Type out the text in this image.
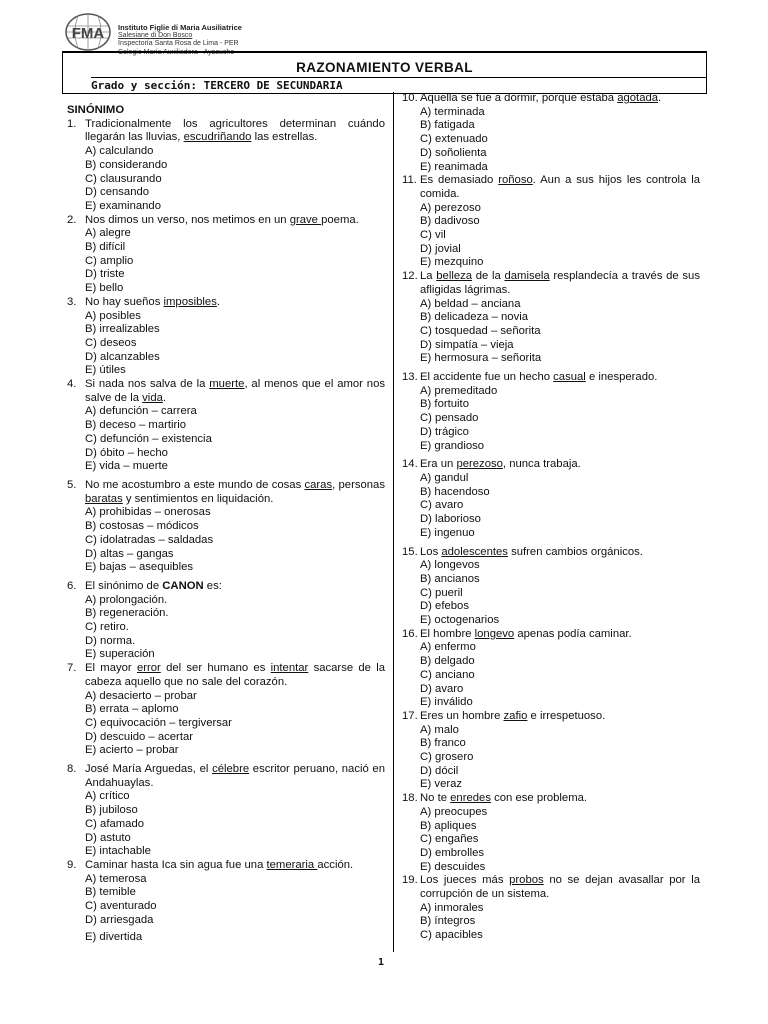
FMA Instituto Figlie di Maria Ausiliatrice
Salesiane di Don Bosco
Inspectoría Santa Rosa de Lima - PER
Colegio María Auxiliadora - Ayacucho
RAZONAMIENTO VERBAL
Grado y sección: TERCERO DE SECUNDARIA
SINÓNIMO
1. Tradicionalmente los agricultores determinan cuándo llegarán las lluvias, escudriñando las estrellas.
A) calculando
B) considerando
C) clausurando
D) censando
E) examinando
2. Nos dimos un verso, nos metimos en un grave poema.
A) alegre
B) difícil
C) amplio
D) triste
E) bello
3. No hay sueños imposibles.
A) posibles
B) irrealizables
C) deseos
D) alcanzables
E) útiles
4. Si nada nos salva de la muerte, al menos que el amor nos salve de la vida.
A) defunción – carrera
B) deceso – martirio
C) defunción – existencia
D) óbito – hecho
E) vida – muerte
5. No me acostumbro a este mundo de cosas caras, personas baratas y sentimientos en liquidación.
A) prohibidas – onerosas
B) costosas – módicos
C) idolatradas – saldadas
D) altas – gangas
E) bajas – asequibles
6. El sinónimo de CANON es:
A) prolongación.
B) regeneración.
C) retiro.
D) norma.
E) superación
7. El mayor error del ser humano es intentar sacarse de la cabeza aquello que no sale del corazón.
A) desacierto – probar
B) errata – aplomo
C) equivocación – tergiversar
D) descuido – acertar
E) acierto – probar
8. José María Arguedas, el célebre escritor peruano, nació en Andahuaylas.
A) crítico
B) jubiloso
C) afamado
D) astuto
E) intachable
9. Caminar hasta Ica sin agua fue una temeraria acción.
A) temerosa
B) temible
C) aventurado
D) arriesgada
E) divertida
10. Aquella se fue a dormir, porque estaba agotada.
A) terminada
B) fatigada
C) extenuado
D) soñolienta
E) reanimada
11. Es demasiado roñoso. Aun a sus hijos les controla la comida.
A) perezoso
B) dadivoso
C) vil
D) jovial
E) mezquino
12. La belleza de la damisela resplandecía a través de sus afligidas lágrimas.
A) beldad – anciana
B) delicadeza – novia
C) tosquedad – señorita
D) simpatía – vieja
E) hermosura – señorita
13. El accidente fue un hecho casual e inesperado.
A) premeditado
B) fortuito
C) pensado
D) trágico
E) grandioso
14. Era un perezoso, nunca trabaja.
A) gandul
B) hacendoso
C) avaro
D) laborioso
E) ingenuo
15. Los adolescentes sufren cambios orgánicos.
A) longevos
B) ancianos
C) pueril
D) efebos
E) octogenarios
16. El hombre longevo apenas podía caminar.
A) enfermo
B) delgado
C) anciano
D) avaro
E) inválido
17. Eres un hombre zafio e irrespetuoso.
A) malo
B) franco
C) grosero
D) dócil
E) veraz
18. No te enredes con ese problema.
A) preocupes
B) apliques
C) engañes
D) embrolles
E) descuides
19. Los jueces más probos no se dejan avasallar por la corrupción de un sistema.
A) inmorales
B) íntegros
C) apacibles
1
